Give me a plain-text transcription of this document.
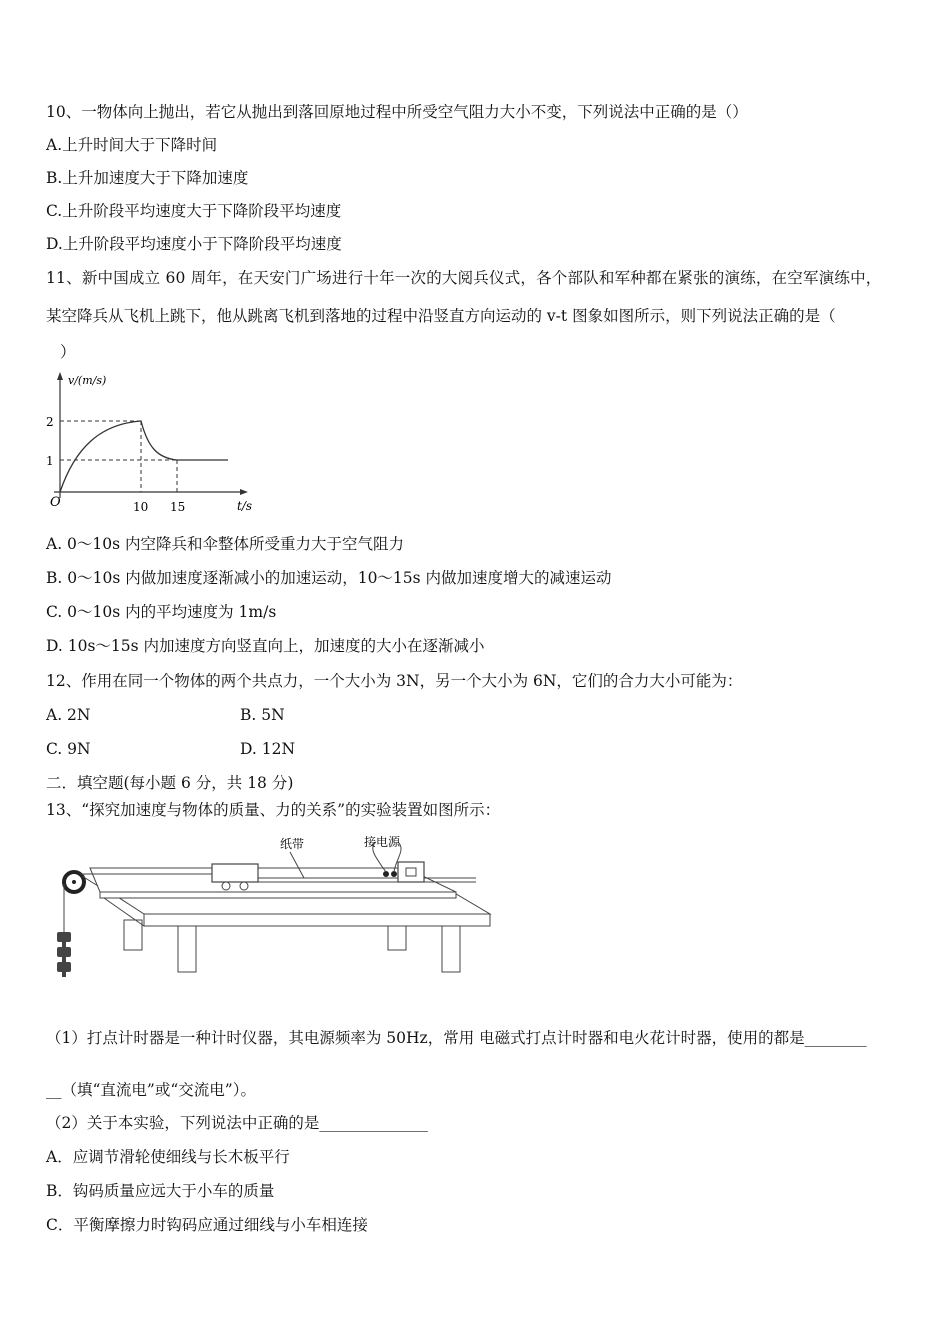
10、一物体向上抛出，若它从抛出到落回原地过程中所受空气阻力大小不变，下列说法中正确的是（）
A.上升时间大于下降时间
B.上升加速度大于下降加速度
C.上升阶段平均速度大于下降阶段平均速度
D.上升阶段平均速度小于下降阶段平均速度
11、新中国成立 60 周年，在天安门广场进行十年一次的大阅兵仪式，各个部队和军种都在紧张的演练，在空军演练中，
某空降兵从飞机上跳下，他从跳离飞机到落地的过程中沿竖直方向运动的 v-t 图象如图所示，则下列说法正确的是（
）
v/(m/s)
t/s
O
2
1
10 15
A. 0～10s 内空降兵和伞整体所受重力大于空气阻力
B. 0～10s 内做加速度逐渐减小的加速运动，10～15s 内做加速度增大的减速运动
C. 0～10s 内的平均速度为 1m/s
D. 10s～15s 内加速度方向竖直向上，加速度的大小在逐渐减小
12、作用在同一个物体的两个共点力，一个大小为 3N，另一个大小为 6N，它们的合力大小可能为：
A. 2N	B. 5N
C. 9N	D. 12N
二．填空题(每小题 6 分，共 18 分)
13、“探究加速度与物体的质量、力的关系”的实验装置如图所示：
纸带	接电源
（1）打点计时器是一种计时仪器，其电源频率为 50Hz，常用 电磁式打点计时器和电火花计时器，使用的都是________
__（填“直流电”或“交流电”）。
（2）关于本实验，下列说法中正确的是______________
A．应调节滑轮使细线与长木板平行
B．钩码质量应远大于小车的质量
C．平衡摩擦力时钩码应通过细线与小车相连接
